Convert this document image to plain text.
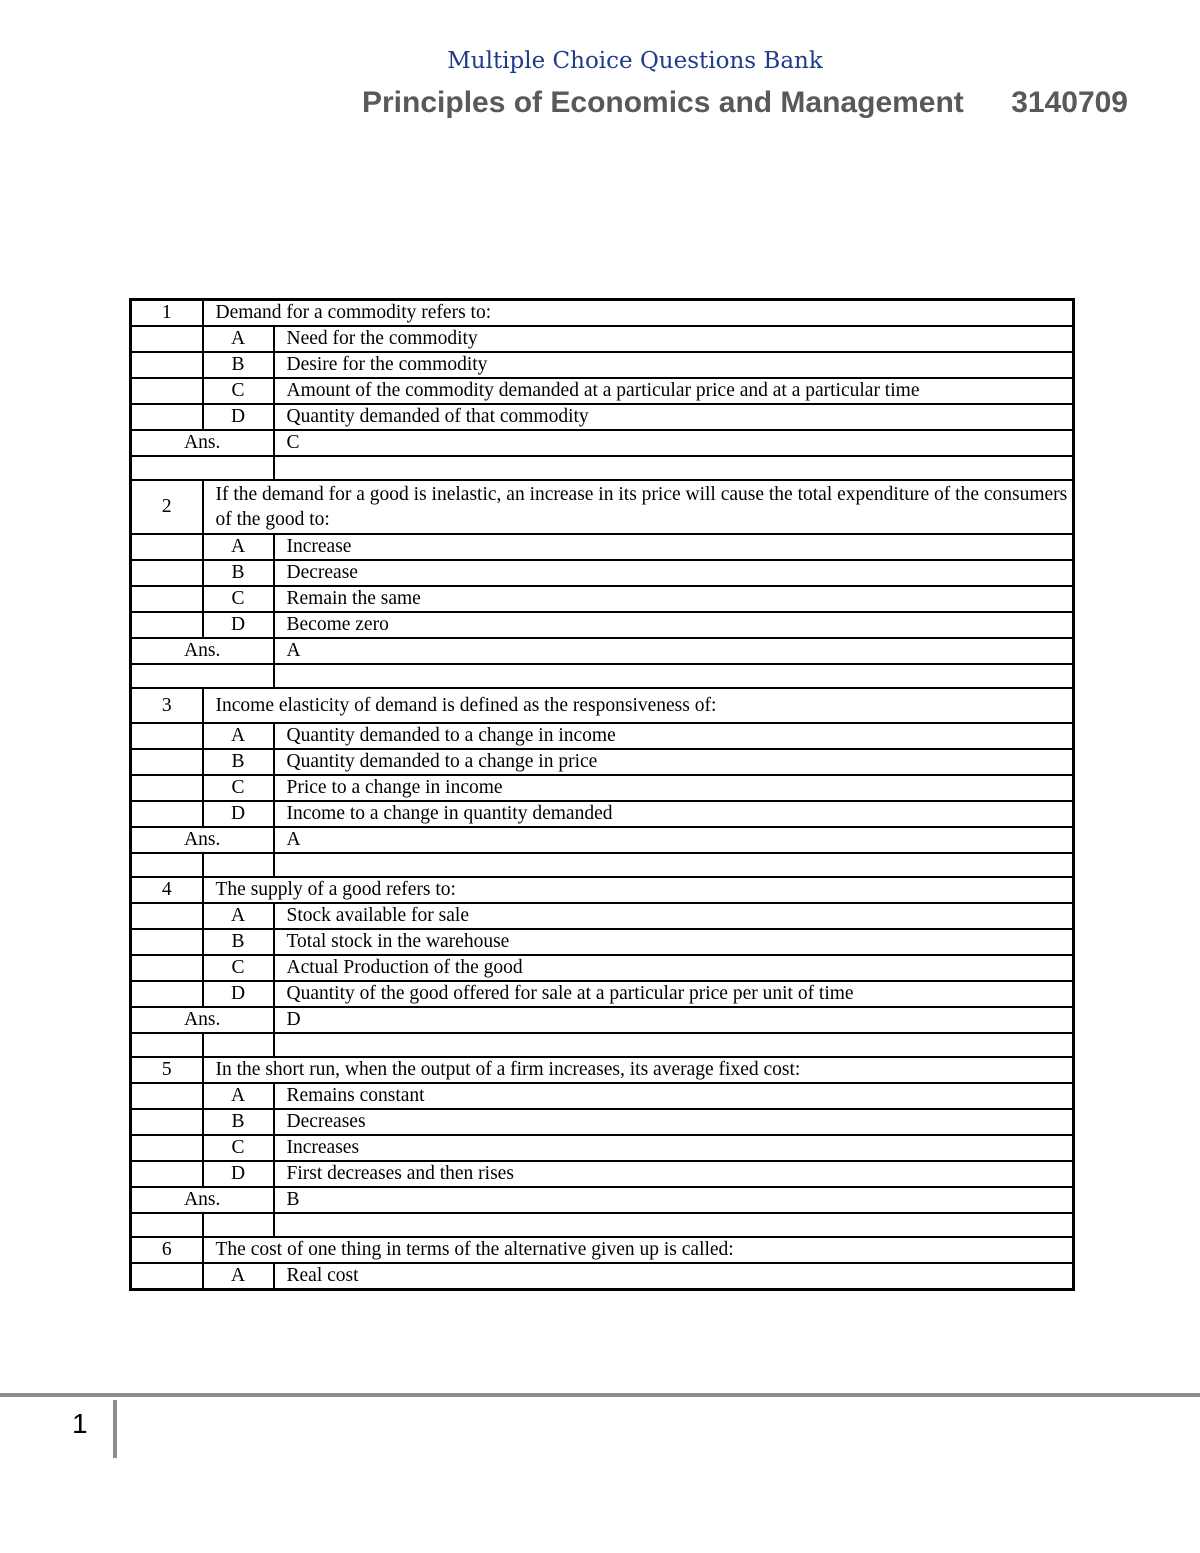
Multiple Choice Questions Bank
Principles of Economics and Management 3140709
1	Demand for a commodity refers to:	
	A	Need for the commodity
	B	Desire for the commodity
	C	Amount of the commodity demanded at a particular price and at a particular time
	D	Quantity demanded of that commodity
Ans.		C

2	If the demand for a good is inelastic, an increase in its price will cause the total expenditure of the consumers of the good to:	
	A	Increase
	B	Decrease
	C	Remain the same
	D	Become zero
Ans.		A

3	Income elasticity of demand is defined as the responsiveness of:	
	A	Quantity demanded to a change in income
	B	Quantity demanded to a change in price
	C	Price to a change in income
	D	Income to a change in quantity demanded
Ans.		A

4	The supply of a good refers to:	
	A	Stock available for sale
	B	Total stock in the warehouse
	C	Actual Production of the good
	D	Quantity of the good offered for sale at a particular price per unit of time
Ans.		D

5	In the short run, when the output of a firm increases, its average fixed cost:	
	A	Remains constant
	B	Decreases
	C	Increases
	D	First decreases and then rises
Ans.		B

6	The cost of one thing in terms of the alternative given up is called:	
	A	Real cost
1
